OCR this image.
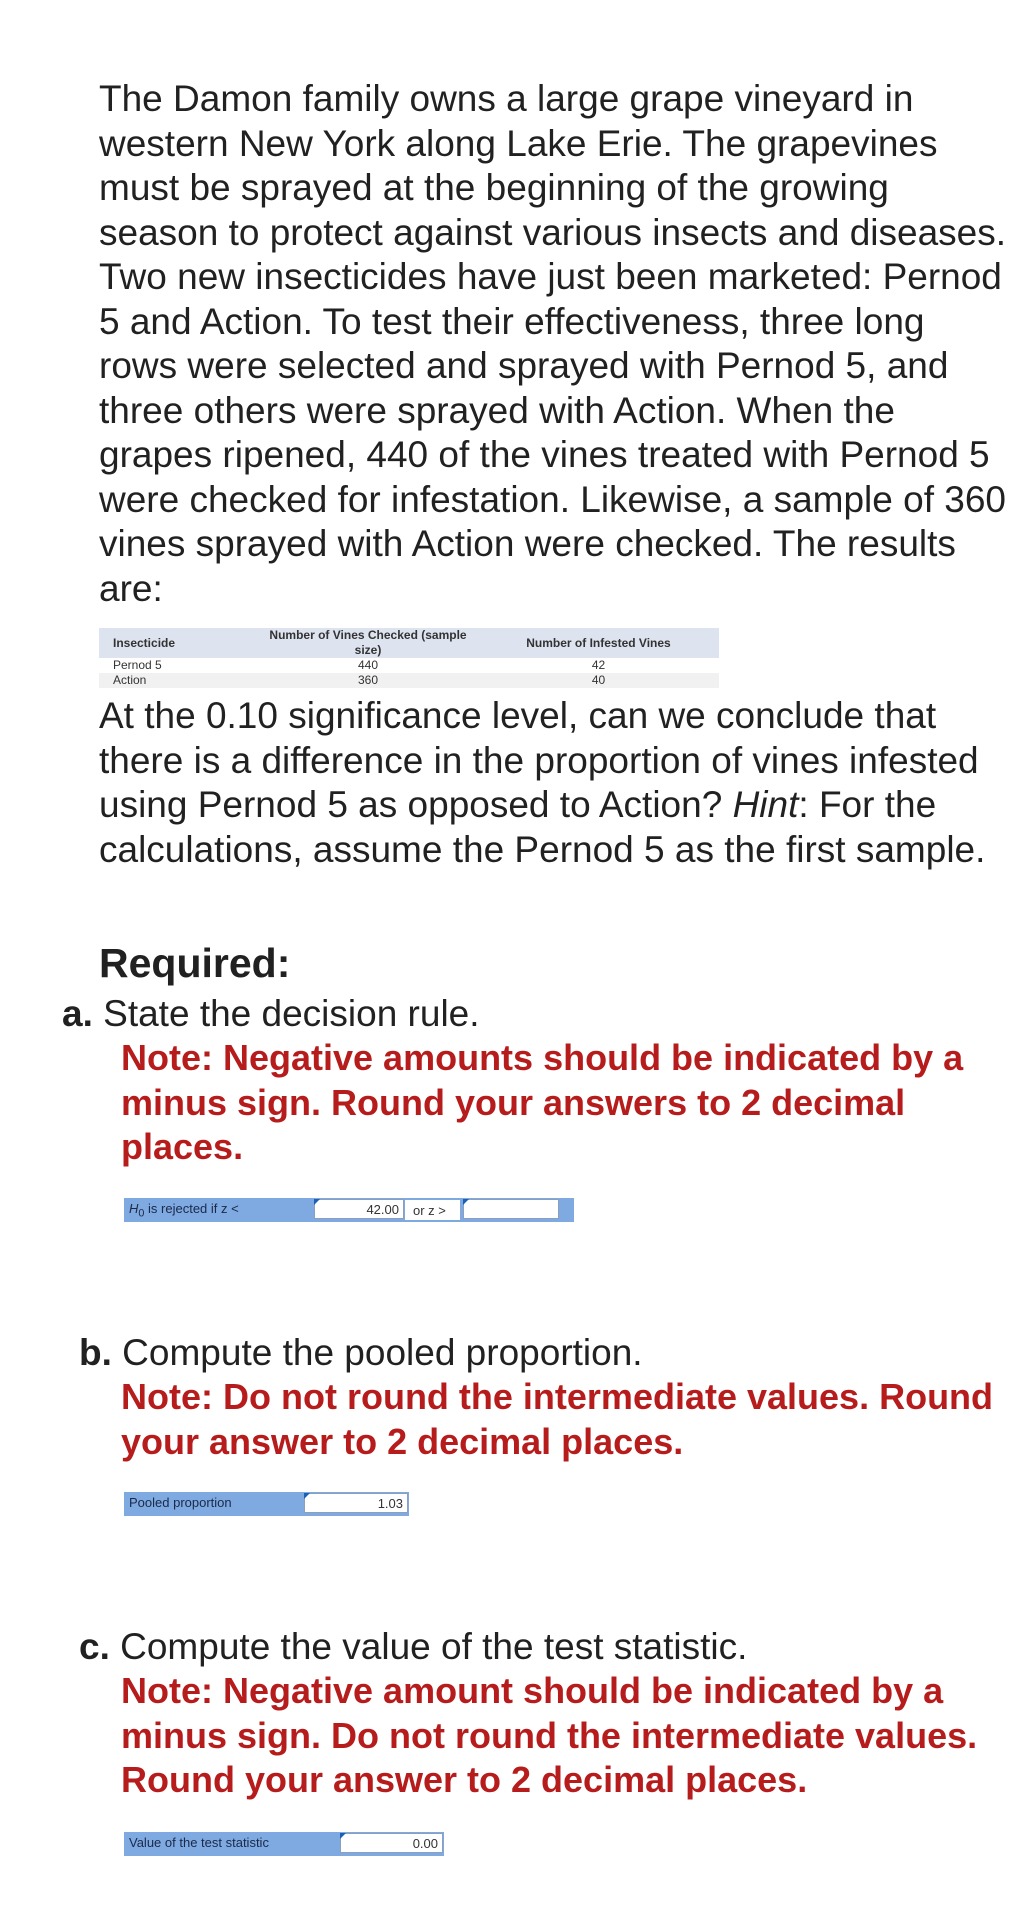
The Damon family owns a large grape vineyard in western New York along Lake Erie. The grapevines must be sprayed at the beginning of the growing season to protect against various insects and diseases. Two new insecticides have just been marketed: Pernod 5 and Action. To test their effectiveness, three long rows were selected and sprayed with Pernod 5, and three others were sprayed with Action. When the grapes ripened, 440 of the vines treated with Pernod 5 were checked for infestation. Likewise, a sample of 360 vines sprayed with Action were checked. The results are:

Insecticide	Number of Vines Checked (sample size)	Number of Infested Vines
Pernod 5	440	42
Action	360	40

At the 0.10 significance level, can we conclude that there is a difference in the proportion of vines infested using Pernod 5 as opposed to Action? Hint: For the calculations, assume the Pernod 5 as the first sample.

Required:

a. State the decision rule.

Note: Negative amounts should be indicated by a minus sign. Round your answers to 2 decimal places.

$H_0$ is rejected if z <	42.00	or z >

b. Compute the pooled proportion.

Note: Do not round the intermediate values. Round your answer to 2 decimal places.

Pooled proportion	1.03

c. Compute the value of the test statistic.

Note: Negative amount should be indicated by a minus sign. Do not round the intermediate values. Round your answer to 2 decimal places.

Value of the test statistic	0.00
